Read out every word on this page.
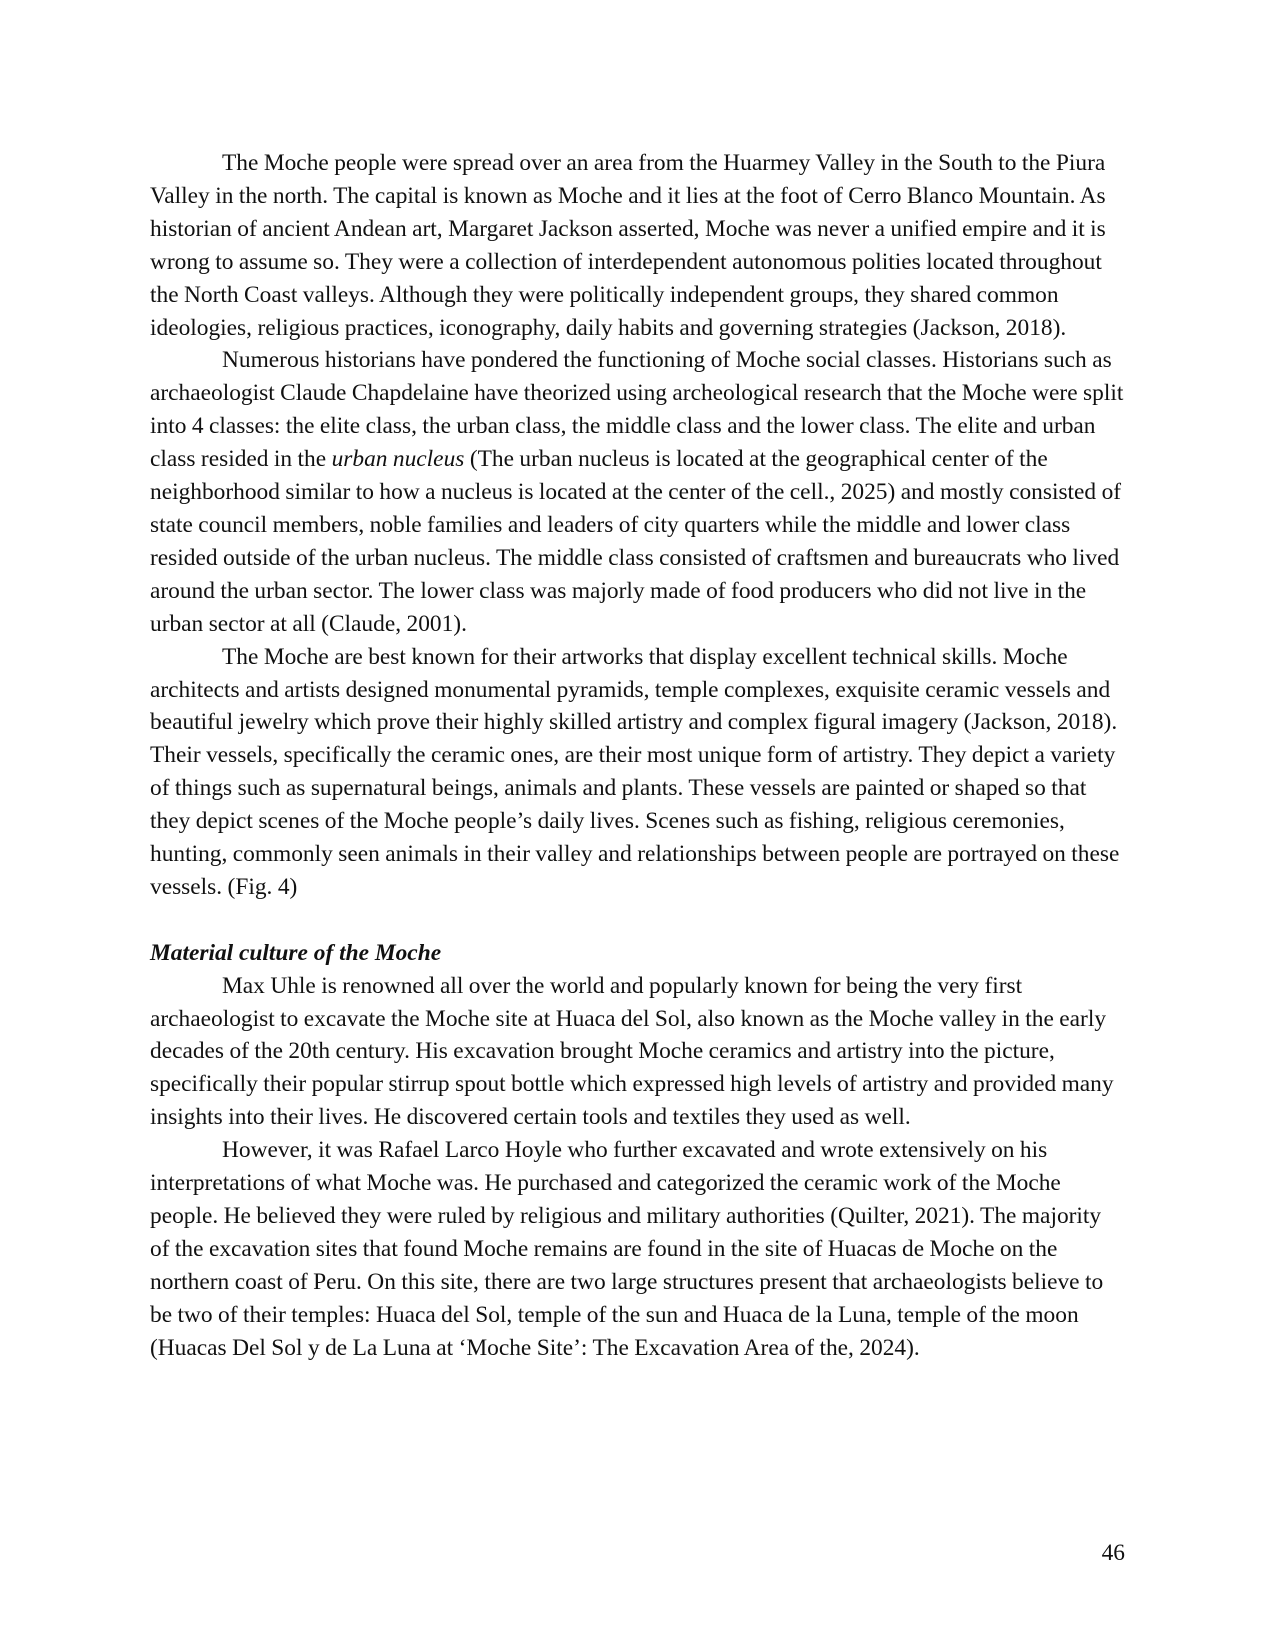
The Moche people were spread over an area from the Huarmey Valley in the South to the Piura Valley in the north. The capital is known as Moche and it lies at the foot of Cerro Blanco Mountain. As historian of ancient Andean art, Margaret Jackson asserted, Moche was never a unified empire and it is wrong to assume so. They were a collection of interdependent autonomous polities located throughout the North Coast valleys. Although they were politically independent groups, they shared common ideologies, religious practices, iconography, daily habits and governing strategies (Jackson, 2018).

Numerous historians have pondered the functioning of Moche social classes. Historians such as archaeologist Claude Chapdelaine have theorized using archeological research that the Moche were split into 4 classes: the elite class, the urban class, the middle class and the lower class. The elite and urban class resided in the urban nucleus (The urban nucleus is located at the geographical center of the neighborhood similar to how a nucleus is located at the center of the cell., 2025) and mostly consisted of state council members, noble families and leaders of city quarters while the middle and lower class resided outside of the urban nucleus. The middle class consisted of craftsmen and bureaucrats who lived around the urban sector. The lower class was majorly made of food producers who did not live in the urban sector at all (Claude, 2001).

The Moche are best known for their artworks that display excellent technical skills. Moche architects and artists designed monumental pyramids, temple complexes, exquisite ceramic vessels and beautiful jewelry which prove their highly skilled artistry and complex figural imagery (Jackson, 2018). Their vessels, specifically the ceramic ones, are their most unique form of artistry. They depict a variety of things such as supernatural beings, animals and plants. These vessels are painted or shaped so that they depict scenes of the Moche people’s daily lives. Scenes such as fishing, religious ceremonies, hunting, commonly seen animals in their valley and relationships between people are portrayed on these vessels. (Fig. 4)

Material culture of the Moche

Max Uhle is renowned all over the world and popularly known for being the very first archaeologist to excavate the Moche site at Huaca del Sol, also known as the Moche valley in the early decades of the 20th century. His excavation brought Moche ceramics and artistry into the picture, specifically their popular stirrup spout bottle which expressed high levels of artistry and provided many insights into their lives. He discovered certain tools and textiles they used as well.

However, it was Rafael Larco Hoyle who further excavated and wrote extensively on his interpretations of what Moche was. He purchased and categorized the ceramic work of the Moche people. He believed they were ruled by religious and military authorities (Quilter, 2021). The majority of the excavation sites that found Moche remains are found in the site of Huacas de Moche on the northern coast of Peru. On this site, there are two large structures present that archaeologists believe to be two of their temples: Huaca del Sol, temple of the sun and Huaca de la Luna, temple of the moon (Huacas Del Sol y de La Luna at ‘Moche Site’: The Excavation Area of the, 2024).

46
